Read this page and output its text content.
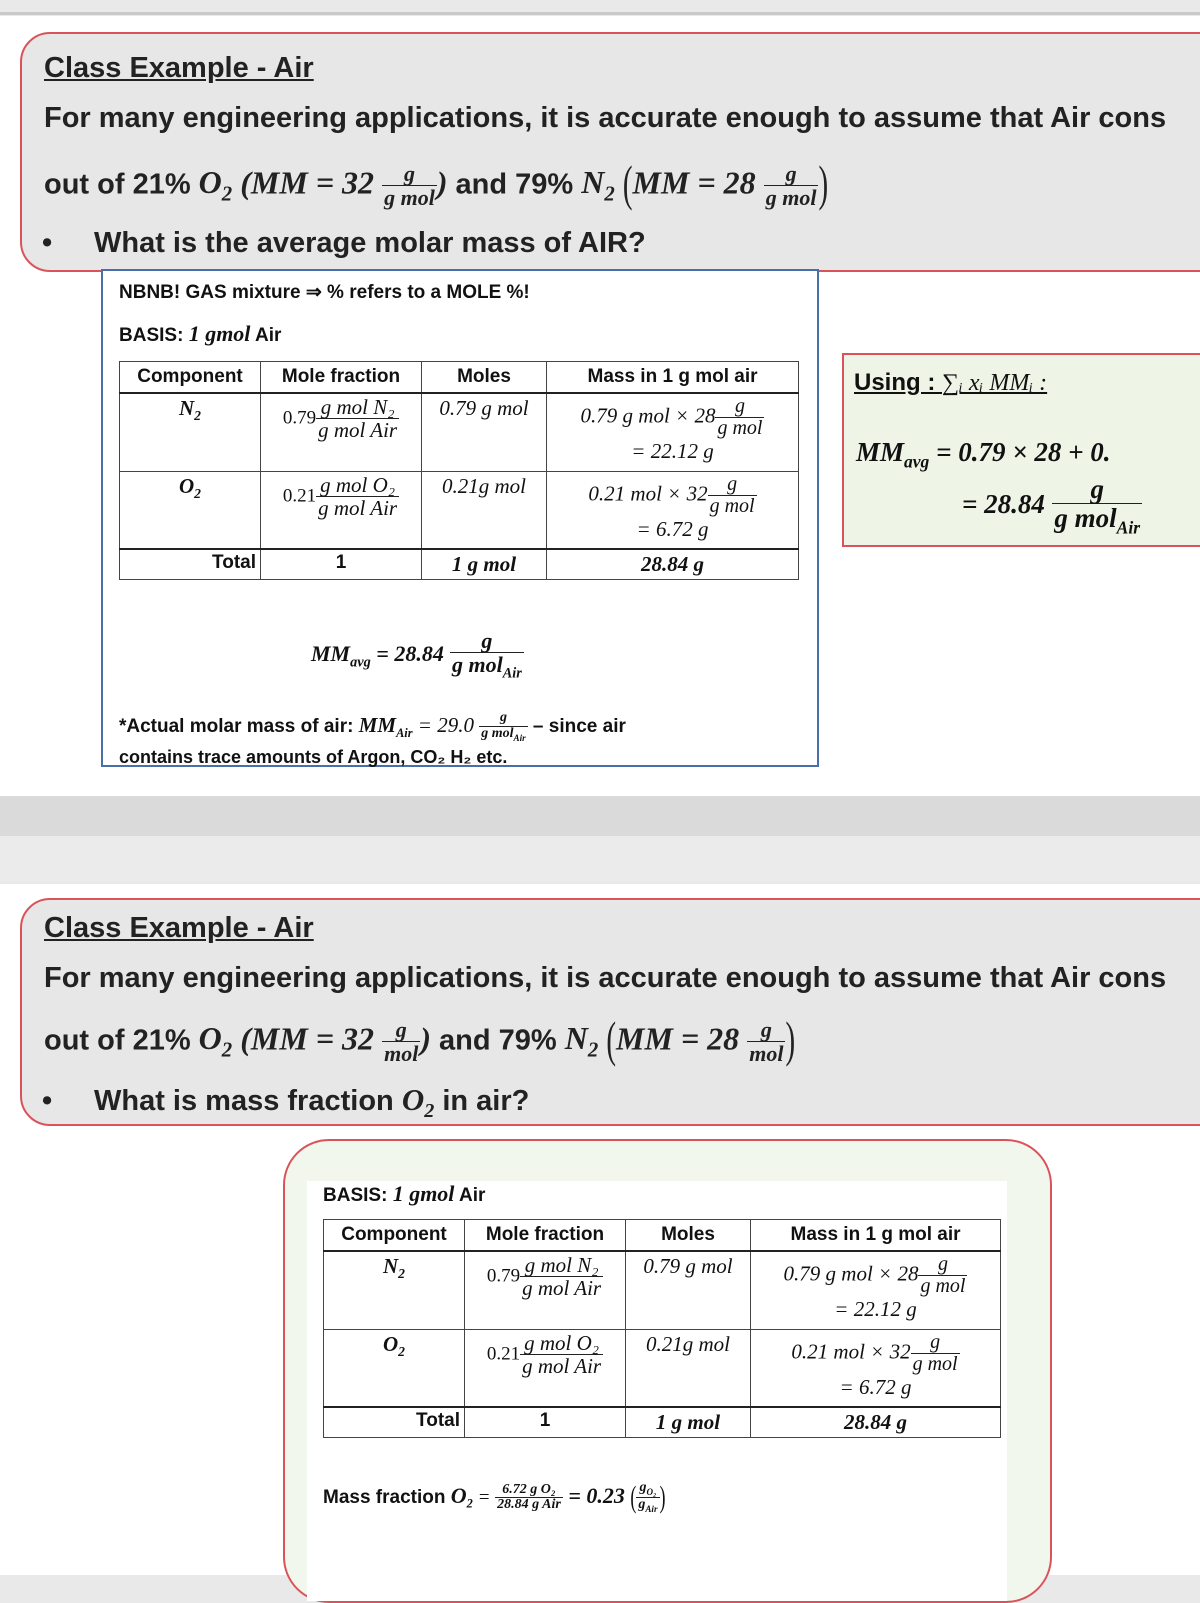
Class Example - Air
For many engineering applications, it is accurate enough to assume that Air cons
out of 21% $O_2$ ($MM = 32 \frac{g}{\text{g mol}}$ ) and 79% $N_2$ ($MM = 28 \frac{g}{\text{g mol}}$ )
• What is the average molar mass of AIR?
NBNB! GAS mixture ⇒ % refers to a MOLE %!
BASIS: 1 gmol Air
Component	Mole fraction	Moles	Mass in 1 g mol air
$N_2$	$0.79 \frac{\text{g mol N₂}}{\text{g mol Air}}$	0.79 g mol	0.79 g mol × $28 \frac{g}{\text{g mol}}$
= 22.12 g

$O_2$	$0.21 \frac{\text{g mol O₂}}{\text{g mol Air}}$	0.21g mol	0.21 mol × $32 \frac{g}{\text{g mol}}$
= 6.72 g

Total	1	1 g mol	28.84 g
$MM_{avg} = 28.84 \frac{g}{g mol_{Air}}$
*Actual molar mass of air: $MM_{Air} = 29.0 \frac{g}{g mol_{Air}}$ – since air
contains trace amounts of Argon, CO₂ H₂ etc.
Using : ∑ᵢ xᵢ MMᵢ :
$MM_{avg} = 0.79 \times 28 + 0$.
= $28.84 \frac{g}{g mol_{Air}}$
Class Example - Air
For many engineering applications, it is accurate enough to assume that Air cons
out of 21% $O_2$ ($MM = 32 \frac{g}{\text{mol}}$ ) and 79% $N_2$ ($MM = 28 \frac{g}{\text{mol}}$ )
• What is mass fraction $O_2$ in air?
BASIS: 1 gmol Air
Component	Mole fraction	Moles	Mass in 1 g mol air
$N_2$	$0.79 \frac{\text{g mol N₂}}{\text{g mol Air}}$	0.79 g mol	0.79 g mol × $28 \frac{g}{\text{g mol}}$
= 22.12 g

$O_2$	$0.21 \frac{\text{g mol O₂}}{\text{g mol Air}}$	0.21g mol	0.21 mol × $32 \frac{g}{\text{g mol}}$
= 6.72 g

Total	1	1 g mol	28.84 g
Mass fraction $O_2 = \frac{\text{6.72 g O₂}}{\text{28.84 g Air}} = 0.23$ ( $\frac{g_{O_2}}{g_{Air}}$ )
